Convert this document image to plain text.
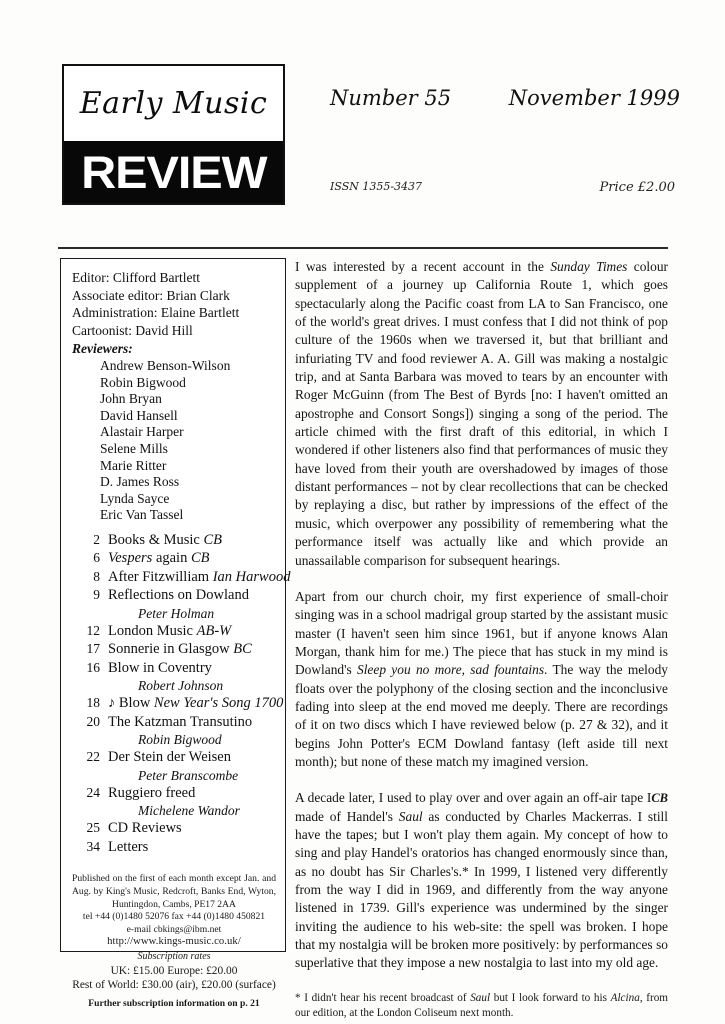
Early Music
REVIEW
Number 55	November 1999
ISSN 1355-3437	Price £2.00
Editor: Clifford Bartlett
Associate editor: Brian Clark
Administration: Elaine Bartlett
Cartoonist: David Hill
Reviewers:
Andrew Benson-Wilson
Robin Bigwood
John Bryan
David Hansell
Alastair Harper
Selene Mills
Marie Ritter
D. James Ross
Lynda Sayce
Eric Van Tassel
2 Books & Music CB
6 Vespers again CB
8 After Fitzwilliam Ian Harwood
9 Reflections on Dowland
Peter Holman
12 London Music AB-W
17 Sonnerie in Glasgow BC
16 Blow in Coventry
Robert Johnson
18 ♪ Blow New Year's Song 1700
20 The Katzman Transutino
Robin Bigwood
22 Der Stein der Weisen
Peter Branscombe
24 Ruggiero freed
Michelene Wandor
25 CD Reviews
34 Letters
Published on the first of each month except Jan. and Aug. by King's Music, Redcroft, Banks End, Wyton, Huntingdon, Cambs, PE17 2AA
tel +44 (0)1480 52076 fax +44 (0)1480 450821
e-mail cbkings@ibm.net
http://www.kings-music.co.uk/
Subscription rates
UK: £15.00 Europe: £20.00
Rest of World: £30.00 (air), £20.00 (surface)
Further subscription information on p. 21

I was interested by a recent account in the Sunday Times colour supplement of a journey up California Route 1, which goes spectacularly along the Pacific coast from LA to San Francisco, one of the world's great drives. I must confess that I did not think of pop culture of the 1960s when we traversed it, but that brilliant and infuriating TV and food reviewer A. A. Gill was making a nostalgic trip, and at Santa Barbara was moved to tears by an encounter with Roger McGuinn (from The Best of Byrds [no: I haven't omitted an apostrophe and Consort Songs]) singing a song of the period. The article chimed with the first draft of this editorial, in which I wondered if other listeners also find that performances of music they have loved from their youth are overshadowed by images of those distant performances – not by clear recollections that can be checked by replaying a disc, but rather by impressions of the effect of the music, which overpower any possibility of remembering what the performance itself was actually like and which provide an unassailable comparison for subsequent hearings.

Apart from our church choir, my first experience of small-choir singing was in a school madrigal group started by the assistant music master (I haven't seen him since 1961, but if anyone knows Alan Morgan, thank him for me.) The piece that has stuck in my mind is Dowland's Sleep you no more, sad fountains. The way the melody floats over the polyphony of the closing section and the inconclusive fading into sleep at the end moved me deeply. There are recordings of it on two discs which I have reviewed below (p. 27 & 32), and it begins John Potter's ECM Dowland fantasy (left aside till next month); but none of these match my imagined version.

CB
A decade later, I used to play over and over again an off-air tape I made of Handel's Saul as conducted by Charles Mackerras. I still have the tapes; but I won't play them again. My concept of how to sing and play Handel's oratorios has changed enormously since than, as no doubt has Sir Charles's.* In 1999, I listened very differently from the way I did in 1969, and differently from the way anyone listened in 1739. Gill's experience was undermined by the singer inviting the audience to his web-site: the spell was broken. I hope that my nostalgia will be broken more positively: by performances so superlative that they impose a new nostalgia to last into my old age.

* I didn't hear his recent broadcast of Saul but I look forward to his Alcina, from our edition, at the London Coliseum next month.
